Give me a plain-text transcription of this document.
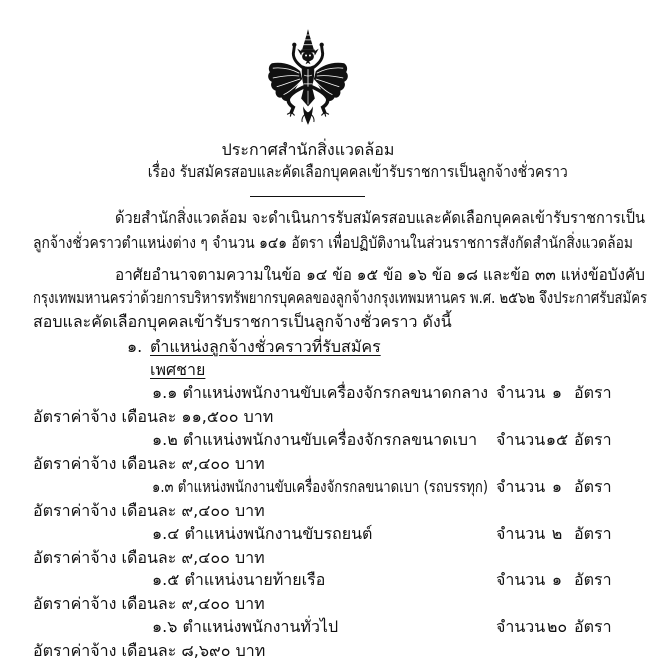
ประกาศสำนักสิ่งแวดล้อม
เรื่อง รับสมัครสอบและคัดเลือกบุคคลเข้ารับราชการเป็นลูกจ้างชั่วคราว
ด้วยสำนักสิ่งแวดล้อม จะดำเนินการรับสมัครสอบและคัดเลือกบุคคลเข้ารับราชการเป็น
ลูกจ้างชั่วคราวตำแหน่งต่าง ๆ จำนวน ๑๔๑ อัตรา เพื่อปฏิบัติงานในส่วนราชการสังกัดสำนักสิ่งแวดล้อม
อาศัยอำนาจตามความในข้อ ๑๔ ข้อ ๑๕ ข้อ ๑๖ ข้อ ๑๘ และข้อ ๓๓ แห่งข้อบังคับ
กรุงเทพมหานครว่าด้วยการบริหารทรัพยากรบุคคลของลูกจ้างกรุงเทพมหานคร พ.ศ. ๒๕๖๒ จึงประกาศรับสมัคร
สอบและคัดเลือกบุคคลเข้ารับราชการเป็นลูกจ้างชั่วคราว ดังนี้
๑. ตำแหน่งลูกจ้างชั่วคราวที่รับสมัคร
เพศชาย
๑.๑ ตำแหน่งพนักงานขับเครื่องจักรกลขนาดกลาง จำนวน ๑ อัตรา
อัตราค่าจ้าง เดือนละ ๑๑,๕๐๐ บาท
๑.๒ ตำแหน่งพนักงานขับเครื่องจักรกลขนาดเบา	จำนวน ๑๕ อัตรา
อัตราค่าจ้าง เดือนละ ๙,๔๐๐ บาท
๑.๓ ตำแหน่งพนักงานขับเครื่องจักรกลขนาดเบา (รถบรรทุก) จำนวน ๑ อัตรา
อัตราค่าจ้าง เดือนละ ๙,๔๐๐ บาท
๑.๔ ตำแหน่งพนักงานขับรถยนต์	จำนวน ๒ อัตรา
อัตราค่าจ้าง เดือนละ ๙,๔๐๐ บาท
๑.๕ ตำแหน่งนายท้ายเรือ	จำนวน ๑ อัตรา
อัตราค่าจ้าง เดือนละ ๙,๔๐๐ บาท
๑.๖ ตำแหน่งพนักงานทั่วไป	จำนวน ๒๐ อัตรา
อัตราค่าจ้าง เดือนละ ๘,๖๙๐ บาท
